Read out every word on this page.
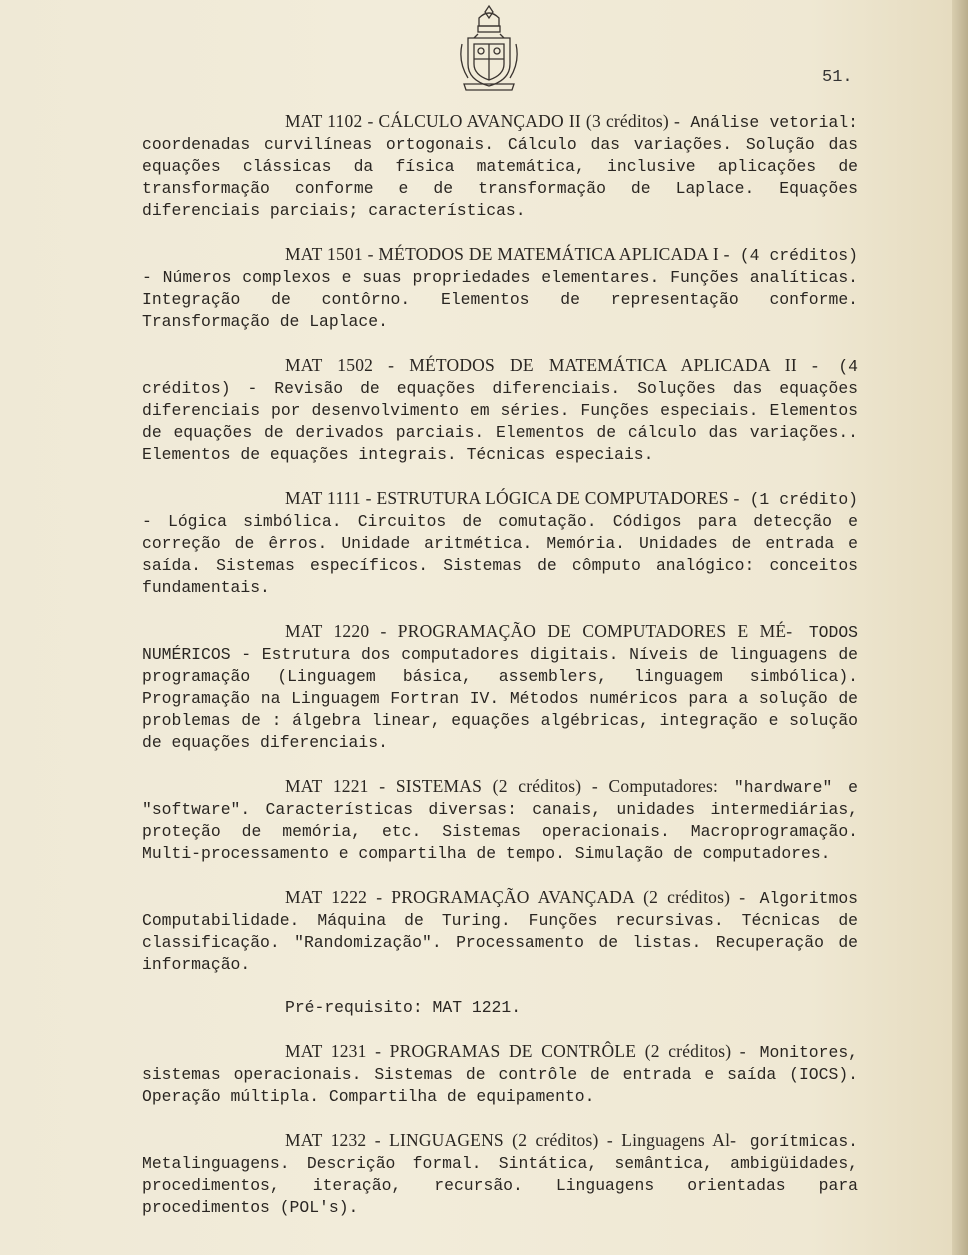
51.

MAT 1102 - CÁLCULO AVANÇADO II (3 créditos) - Análise vetorial: coordenadas curvilíneas ortogonais. Cálculo das variações. Solução das equações clássicas da física matemática, inclusive aplicações de transformação conforme e de transformação de Laplace. Equações diferenciais parciais; características.

MAT 1501 - MÉTODOS DE MATEMÁTICA APLICADA I - (4 créditos) - Números complexos e suas propriedades elementares. Funções analíticas. Integração de contôrno. Elementos de representação conforme. Transformação de Laplace.

MAT 1502 - MÉTODOS DE MATEMÁTICA APLICADA II - (4 créditos) - Revisão de equações diferenciais. Soluções das equações diferenciais por desenvolvimento em séries. Funções especiais. Elementos de equações de derivados parciais. Elementos de cálculo das variações.. Elementos de equações integrais. Técnicas especiais.

MAT 1111 - ESTRUTURA LÓGICA DE COMPUTADORES - (1 crédito) - Lógica simbólica. Circuitos de comutação. Códigos para detecção e correção de êrros. Unidade aritmética. Memória. Unidades de entrada e saída. Sistemas específicos. Sistemas de cômputo analógico: conceitos fundamentais.

MAT 1220 - PROGRAMAÇÃO DE COMPUTADORES E MÉ- TODOS NUMÉRICOS - Estrutura dos computadores digitais. Níveis de linguagens de programação (Linguagem básica, assemblers, linguagem simbólica). Programação na Linguagem Fortran IV. Métodos numéricos para a solução de problemas de : álgebra linear, equações algébricas, integração e solução de equações diferenciais.

MAT 1221 - SISTEMAS (2 créditos) - Computadores: "hardware" e "software". Características diversas: canais, unidades intermediárias, proteção de memória, etc. Sistemas operacionais. Macroprogramação. Multi-processamento e compartilha de tempo. Simulação de computadores.

MAT 1222 - PROGRAMAÇÃO AVANÇADA (2 créditos) - Algoritmos Computabilidade. Máquina de Turing. Funções recursivas. Técnicas de classificação. "Randomização". Processamento de listas. Recuperação de informação.

Pré-requisito: MAT 1221.

MAT 1231 - PROGRAMAS DE CONTRÔLE (2 créditos) - Monitores, sistemas operacionais. Sistemas de contrôle de entrada e saída (IOCS). Operação múltipla. Compartilha de equipamento.

MAT 1232 - LINGUAGENS (2 créditos) - Linguagens Al- gorítmicas. Metalinguagens. Descrição formal. Sintática, semântica, ambigüidades, procedimentos, iteração, recursão. Linguagens orientadas para procedimentos (POL's).
